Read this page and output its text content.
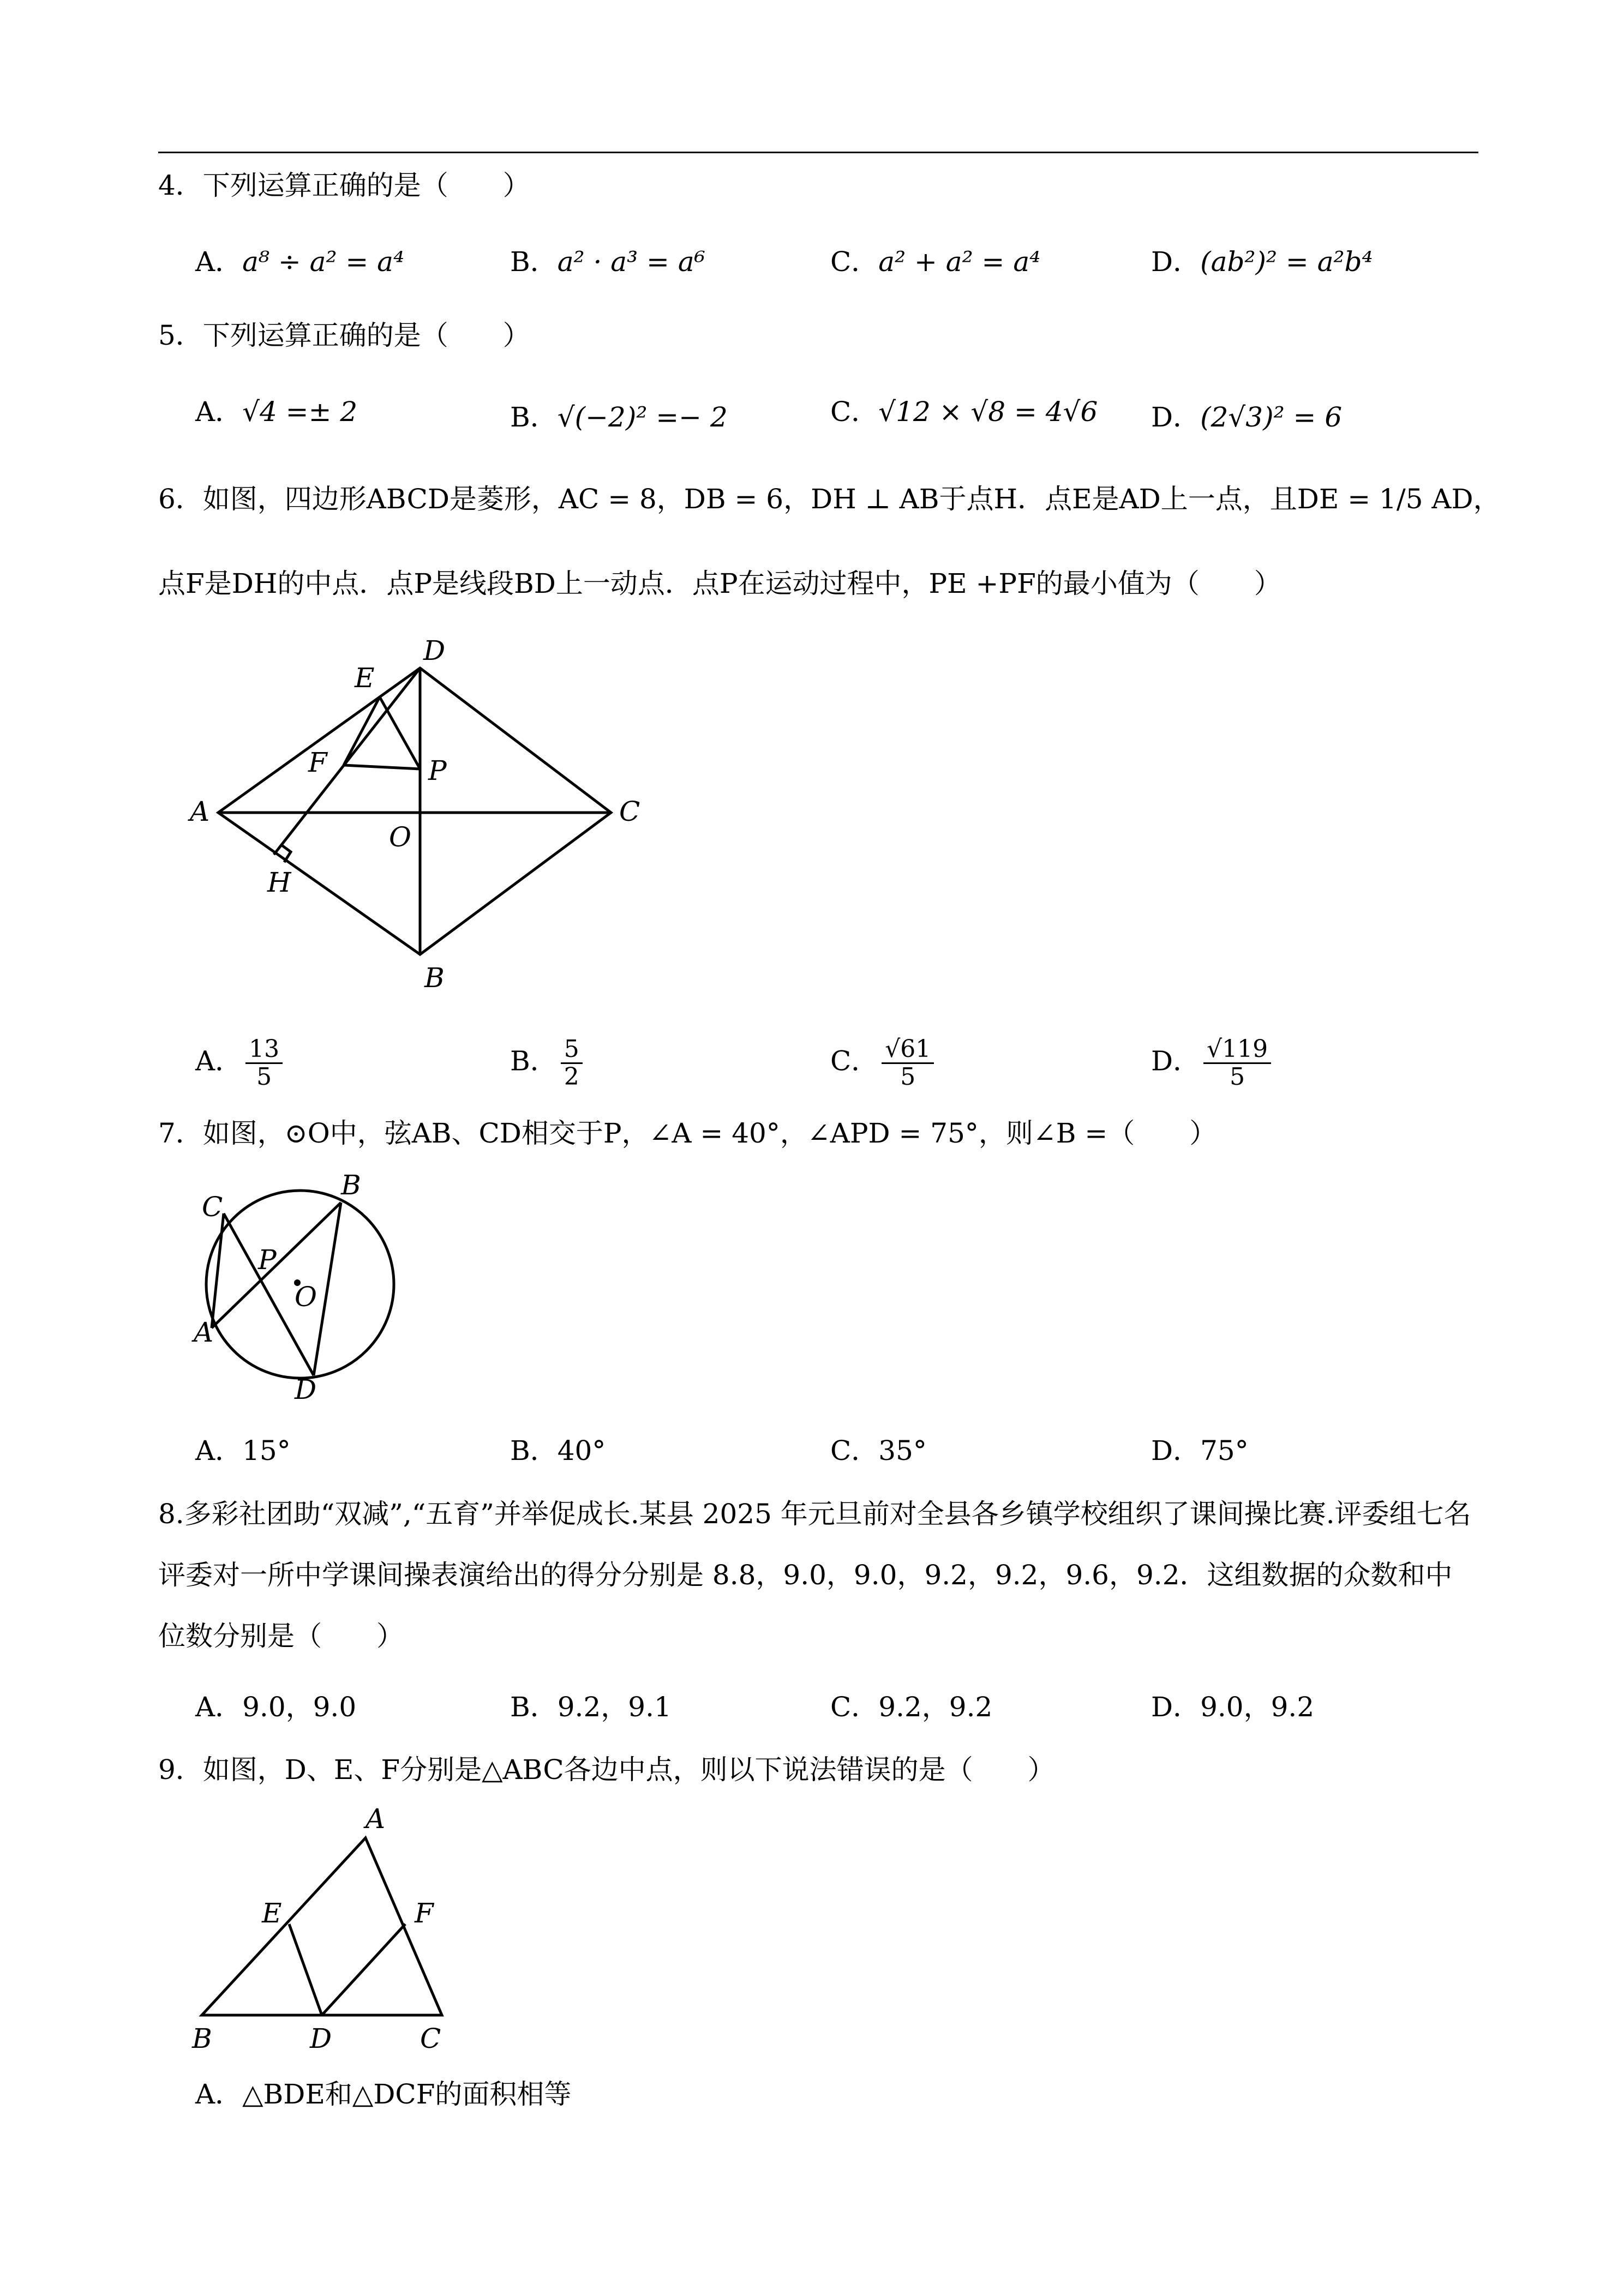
4．下列运算正确的是（　　）
A．a⁸ ÷ a² = a⁴	B．a² · a³ = a⁶	C．a² + a² = a⁴	D．(ab²)² = a²b⁴
5．下列运算正确的是（　　）
A．√4 =± 2	B．√(−2)² =− 2	C．√12 × √8 = 4√6 D．(2√3)² = 6
6．如图，四边形ABCD是菱形，AC = 8，DB = 6，DH ⊥ AB于点H．点E是AD上一点，且DE = 1/5 AD，
点F是DH的中点．点P是线段BD上一动点．点P在运动过程中，PE +PF的最小值为（　　）
A
D
C
B
E
F	P
O
H
A． $\frac{13}{5}$	B． $\frac{5}{2}$	C． $\frac{√61}{5}$	D． $\frac{√119}{5}$
7．如图，⊙O中，弦AB、CD相交于P，∠A = 40°，∠APD = 75°，则∠B =（　　）
C
B
P
O
A
D
A．15°	B．40°	C．35°	D．75°
8.多彩社团助“双减”,“五育”并举促成长.某县 2025 年元旦前对全县各乡镇学校组织了课间操比赛.评委组七名评委对一所中学课间操表演给出的得分分别是 8.8，9.0，9.0，9.2，9.2，9.6，9.2．这组数据的众数和中位数分别是（　　）
A．9.0，9.0	B．9.2，9.1	C．9.2，9.2	D．9.0，9.2
9．如图，D、E、F分别是△ABC各边中点，则以下说法错误的是（　　）
A
E	F
B	D	C
A．△BDE和△DCF的面积相等
